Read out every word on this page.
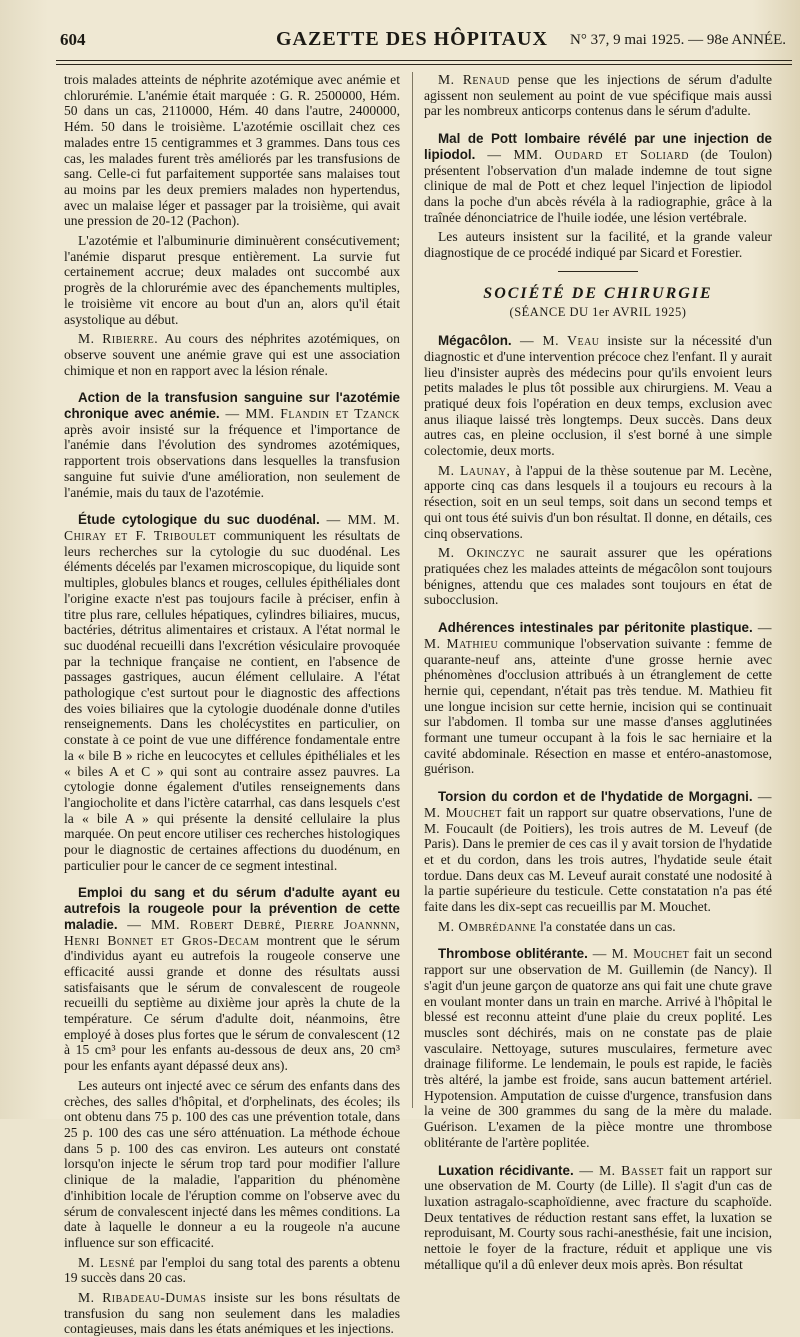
604	GAZETTE DES HÔPITAUX N° 37, 9 mai 1925. — 98e ANNÉE.

trois malades atteints de néphrite azotémique avec anémie et chlorurémie. L'anémie était marquée : G. R. 2500000, Hém. 50 dans un cas, 2110000, Hém. 40 dans l'autre, 2400000, Hém. 50 dans le troisième. L'azotémie oscillait chez ces malades entre 15 centigrammes et 3 grammes. Dans tous ces cas, les malades furent très améliorés par les transfusions de sang. Celle-ci fut parfaitement supportée sans malaises tout au moins par les deux premiers malades non hypertendus, avec un malaise léger et passager par la troisième, qui avait une pression de 20-12 (Pachon).

L'azotémie et l'albuminurie diminuèrent consécutivement; l'anémie disparut presque entièrement. La survie fut certainement accrue; deux malades ont succombé aux progrès de la chlorurémie avec des épanchements multiples, le troisième vit encore au bout d'un an, alors qu'il était asystolique au début.

M. Ribierre. Au cours des néphrites azotémiques, on observe souvent une anémie grave qui est une association chimique et non en rapport avec la lésion rénale.

Action de la transfusion sanguine sur l'azotémie chronique avec anémie. — MM. Flandin et Tzanck après avoir insisté sur la fréquence et l'importance de l'anémie dans l'évolution des syndromes azotémiques, rapportent trois observations dans lesquelles la transfusion sanguine fut suivie d'une amélioration, non seulement de l'anémie, mais du taux de l'azotémie.

Étude cytologique du suc duodénal. — MM. M. Chiray et F. Triboulet communiquent les résultats de leurs recherches sur la cytologie du suc duodénal. Les éléments décelés par l'examen microscopique, du liquide sont multiples, globules blancs et rouges, cellules épithéliales dont l'origine exacte n'est pas toujours facile à préciser, enfin à titre plus rare, cellules hépatiques, cylindres biliaires, mucus, bactéries, détritus alimentaires et cristaux. A l'état normal le suc duodénal recueilli dans l'excrétion vésiculaire provoquée par la technique française ne contient, en l'absence de passages gastriques, aucun élément cellulaire. A l'état pathologique c'est surtout pour le diagnostic des affections des voies biliaires que la cytologie duodénale donne d'utiles renseignements. Dans les cholécystites en particulier, on constate à ce point de vue une différence fondamentale entre la « bile B » riche en leucocytes et cellules épithéliales et les « biles A et C » qui sont au contraire assez pauvres. La cytologie donne également d'utiles renseignements dans l'angiocholite et dans l'ictère catarrhal, cas dans lesquels c'est la « bile A » qui présente la densité cellulaire la plus marquée. On peut encore utiliser ces recherches histologiques pour le diagnostic de certaines affections du duodénum, en particulier pour le cancer de ce segment intestinal.

Emploi du sang et du sérum d'adulte ayant eu autrefois la rougeole pour la prévention de cette maladie. — MM. Robert Debré, Pierre Joannnn, Henri Bonnet et Gros-Decam montrent que le sérum d'individus ayant eu autrefois la rougeole conserve une efficacité aussi grande et donne des résultats aussi satisfaisants que le sérum de convalescent de rougeole recueilli du septième au dixième jour après la chute de la température. Ce sérum d'adulte doit, néanmoins, être employé à doses plus fortes que le sérum de convalescent (12 à 15 cm³ pour les enfants au-dessous de deux ans, 20 cm³ pour les enfants ayant dépassé deux ans).

Les auteurs ont injecté avec ce sérum des enfants dans des crèches, des salles d'hôpital, et d'orphelinats, des écoles; ils ont obtenu dans 75 p. 100 des cas une prévention totale, dans 25 p. 100 des cas une séro atténuation. La méthode échoue dans 5 p. 100 des cas environ. Les auteurs ont constaté lorsqu'on injecte le sérum trop tard pour modifier l'allure clinique de la maladie, l'apparition du phénomène d'inhibition locale de l'éruption comme on l'observe avec du sérum de convalescent injecté dans les mêmes conditions. La date à laquelle le donneur a eu la rougeole n'a aucune influence sur son efficacité.

M. Lesné par l'emploi du sang total des parents a obtenu 19 succès dans 20 cas.

M. Ribadeau-Dumas insiste sur les bons résultats de transfusion du sang non seulement dans les maladies contagieuses, mais dans les états anémiques et les injections.

M. Renaud pense que les injections de sérum d'adulte agissent non seulement au point de vue spécifique mais aussi par les nombreux anticorps contenus dans le sérum d'adulte.

Mal de Pott lombaire révélé par une injection de lipiodol. — MM. Oudard et Soliard (de Toulon) présentent l'observation d'un malade indemne de tout signe clinique de mal de Pott et chez lequel l'injection de lipiodol dans la poche d'un abcès révéla à la radiographie, grâce à la traînée dénonciatrice de l'huile iodée, une lésion vertébrale.

Les auteurs insistent sur la facilité, et la grande valeur diagnostique de ce procédé indiqué par Sicard et Forestier.

SOCIÉTÉ DE CHIRURGIE
(SÉANCE DU 1er AVRIL 1925)

Mégacôlon. — M. Veau insiste sur la nécessité d'un diagnostic et d'une intervention précoce chez l'enfant. Il y aurait lieu d'insister auprès des médecins pour qu'ils envoient leurs petits malades le plus tôt possible aux chirurgiens. M. Veau a pratiqué deux fois l'opération en deux temps, exclusion avec anus iliaque laissé très longtemps. Deux succès. Dans deux autres cas, en pleine occlusion, il s'est borné à une simple colectomie, deux morts.

M. Launay, à l'appui de la thèse soutenue par M. Lecène, apporte cinq cas dans lesquels il a toujours eu recours à la résection, soit en un seul temps, soit dans un second temps et qui ont tous été suivis d'un bon résultat. Il donne, en détails, ces cinq observations.

M. Okinczyc ne saurait assurer que les opérations pratiquées chez les malades atteints de mégacôlon sont toujours bénignes, attendu que ces malades sont toujours en état de subocclusion.

Adhérences intestinales par péritonite plastique. — M. Mathieu communique l'observation suivante : femme de quarante-neuf ans, atteinte d'une grosse hernie avec phénomènes d'occlusion attribués à un étranglement de cette hernie qui, cependant, n'était pas très tendue. M. Mathieu fit une longue incision sur cette hernie, incision qui se continuait sur l'abdomen. Il tomba sur une masse d'anses agglutinées formant une tumeur occupant à la fois le sac herniaire et la cavité abdominale. Résection en masse et entéro-anastomose, guérison.

Torsion du cordon et de l'hydatide de Morgagni. — M. Mouchet fait un rapport sur quatre observations, l'une de M. Foucault (de Poitiers), les trois autres de M. Leveuf (de Paris). Dans le premier de ces cas il y avait torsion de l'hydatide et et du cordon, dans les trois autres, l'hydatide seule était tordue. Dans deux cas M. Leveuf aurait constaté une nodosité à la partie supérieure du testicule. Cette constatation n'a pas été faite dans les dix-sept cas recueillis par M. Mouchet.

M. Ombrédanne l'a constatée dans un cas.

Thrombose oblitérante. — M. Mouchet fait un second rapport sur une observation de M. Guillemin (de Nancy). Il s'agit d'un jeune garçon de quatorze ans qui fait une chute grave en voulant monter dans un train en marche. Arrivé à l'hôpital le blessé est reconnu atteint d'une plaie du creux poplité. Les muscles sont déchirés, mais on ne constate pas de plaie vasculaire. Nettoyage, sutures musculaires, fermeture avec drainage filiforme. Le lendemain, le pouls est rapide, le faciès très altéré, la jambe est froide, sans aucun battement artériel. Hypotension. Amputation de cuisse d'urgence, transfusion dans la veine de 300 grammes du sang de la mère du malade. Guérison. L'examen de la pièce montre une thrombose oblitérante de l'artère poplitée.

Luxation récidivante. — M. Basset fait un rapport sur une observation de M. Courty (de Lille). Il s'agit d'un cas de luxation astragalo-scaphoïdienne, avec fracture du scaphoïde. Deux tentatives de réduction restant sans effet, la luxation se reproduisant, M. Courty sous rachi-anesthésie, fait une incision, nettoie le foyer de la fracture, réduit et applique une vis métallique qu'il a dû enlever deux mois après. Bon résultat
